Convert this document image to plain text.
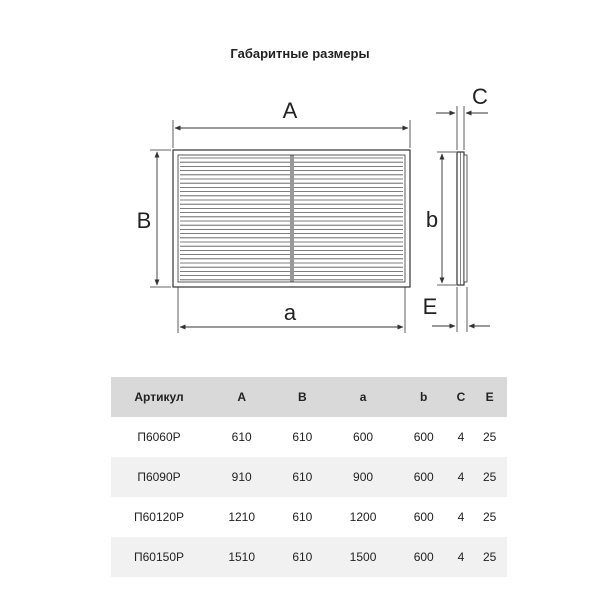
Габаритные размеры
A
a
B	b
C
E
Артикул	A	B	a	b	C	E
П6060Р	610	610	600	600	4	25
П6090Р	910	610	900	600	4	25
П60120Р	1210	610	1200	600	4	25
П60150Р	1510	610	1500	600	4	25
